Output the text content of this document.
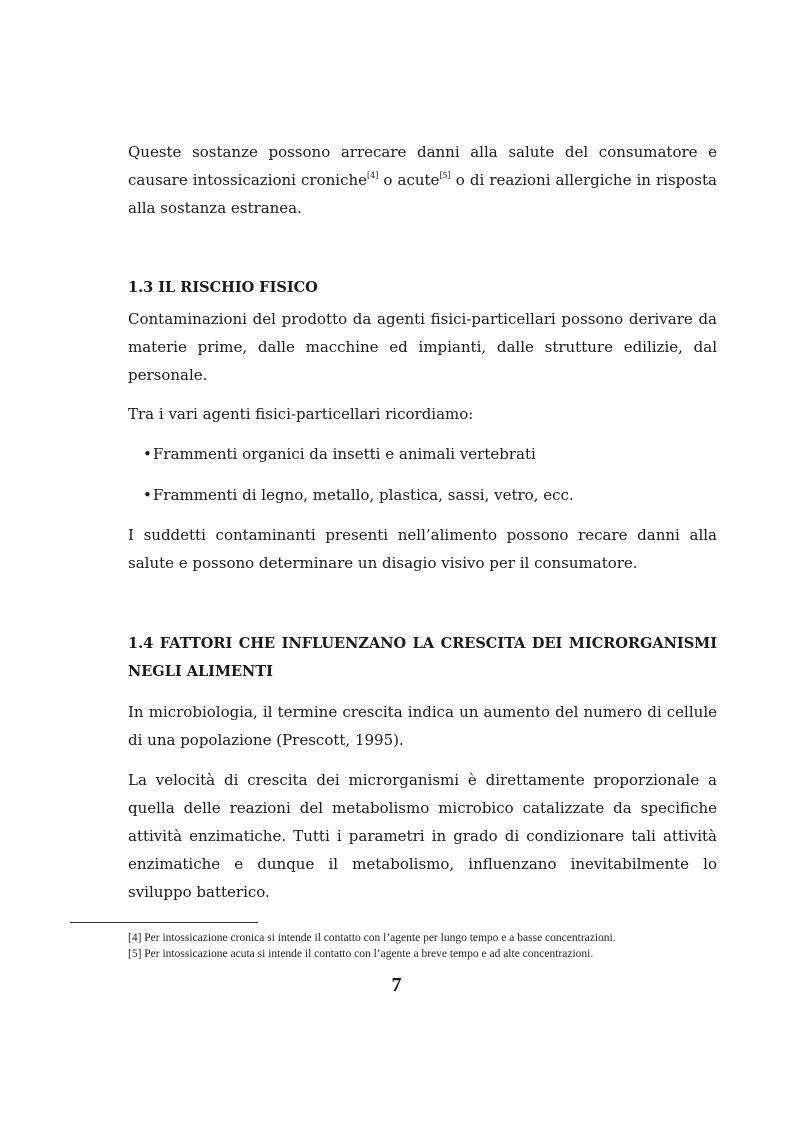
Queste sostanze possono arrecare danni alla salute del consumatore e causare intossicazioni croniche[4] o acute[5] o di reazioni allergiche in risposta alla sostanza estranea.
1.3 IL RISCHIO FISICO
Contaminazioni del prodotto da agenti fisici-particellari possono derivare da materie prime, dalle macchine ed impianti, dalle strutture edilizie, dal personale.
Tra i vari agenti fisici-particellari ricordiamo:
•Frammenti organici da insetti e animali vertebrati
•Frammenti di legno, metallo, plastica, sassi, vetro, ecc.
I suddetti contaminanti presenti nell’alimento possono recare danni alla salute e possono determinare un disagio visivo per il consumatore.
1.4 FATTORI CHE INFLUENZANO LA CRESCITA DEI MICRORGANISMI NEGLI ALIMENTI
In microbiologia, il termine crescita indica un aumento del numero di cellule di una popolazione (Prescott, 1995).
La velocità di crescita dei microrganismi è direttamente proporzionale a quella delle reazioni del metabolismo microbico catalizzate da specifiche attività enzimatiche. Tutti i parametri in grado di condizionare tali attività enzimatiche e dunque il metabolismo, influenzano inevitabilmente lo sviluppo batterico.
[4] Per intossicazione cronica si intende il contatto con l’agente per lungo tempo e a basse concentrazioni.
[5] Per intossicazione acuta si intende il contatto con l’agente a breve tempo e ad alte concentrazioni.
7
